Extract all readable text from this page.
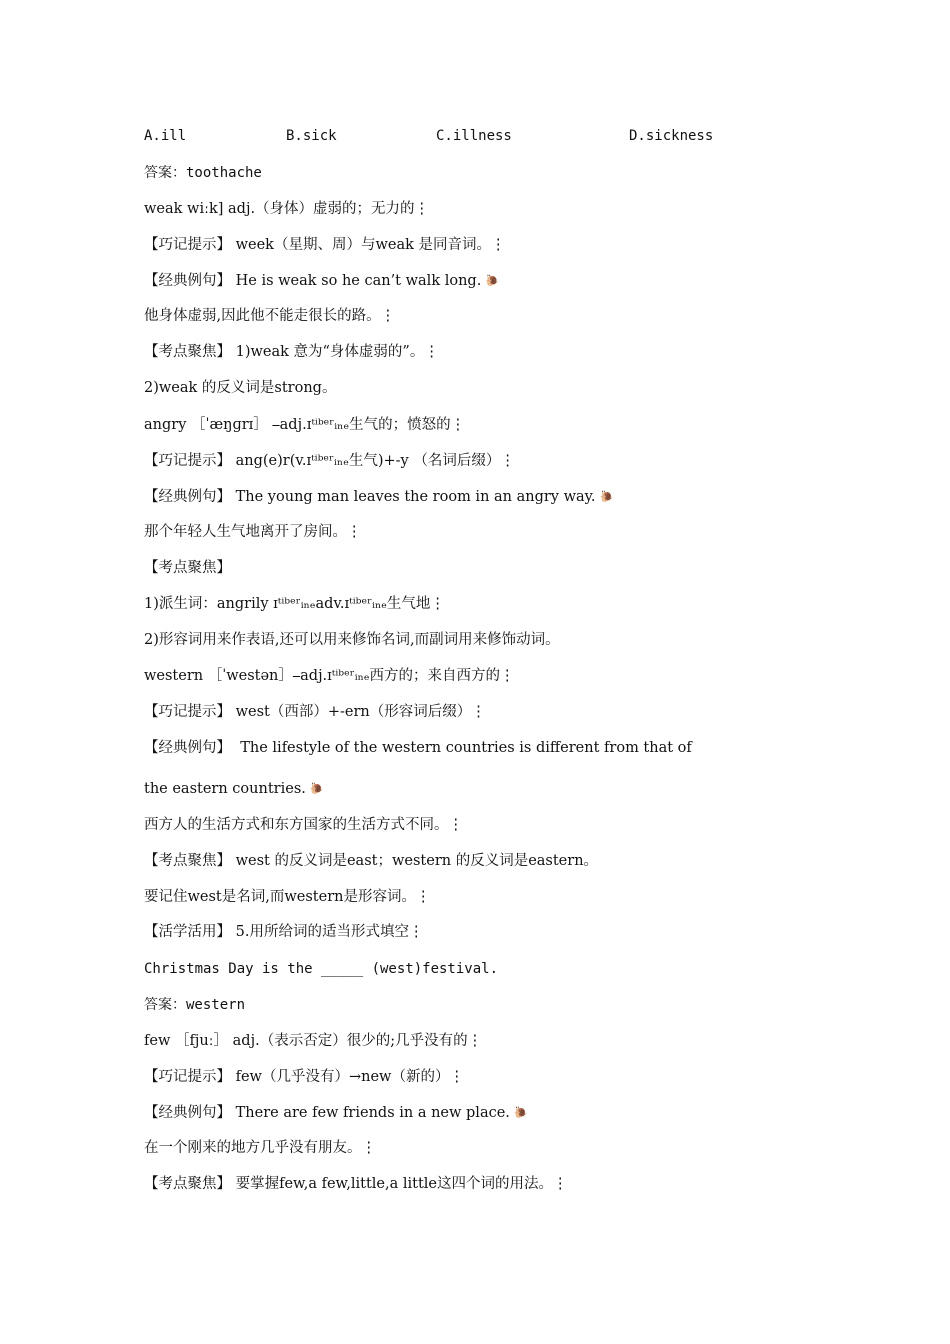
A.ill	B.sick	C.illness	D.sickness
答案：toothache
weak wiːk] adj.（身体）虚弱的；无力的⋮
【巧记提示】 week（星期、周）与weak 是同音词。⋮
【经典例句】 He is weak so he can’t walk long. 🐌
他身体虚弱,因此他不能走很长的路。⋮
【考点聚焦】 1)weak 意为“身体虚弱的”。⋮
2)weak 的反义词是strong。
angry ［ˈæŋɡrɪ］ ⎯adj.ɪᵗⁱᵇᵉʳᵢₙₑ生气的；愤怒的⋮
【巧记提示】 ang(e)r(v.ɪᵗⁱᵇᵉʳᵢₙₑ生气)+-y （名词后缀）⋮
【经典例句】 The young man leaves the room in an angry way. 🐌
那个年轻人生气地离开了房间。⋮
【考点聚焦】
1)派生词：angrily ɪᵗⁱᵇᵉʳᵢₙₑadv.ɪᵗⁱᵇᵉʳᵢₙₑ生气地⋮
2)形容词用来作表语,还可以用来修饰名词,而副词用来修饰动词。
western ［ˈwestən］⎯adj.ɪᵗⁱᵇᵉʳᵢₙₑ西方的；来自西方的⋮
【巧记提示】 west（西部）+-ern（形容词后缀）⋮
【经典例句】  The lifestyle of the western countries is different from that of
the eastern countries. 🐌
西方人的生活方式和东方国家的生活方式不同。⋮
【考点聚焦】 west 的反义词是east；western 的反义词是eastern。
要记住west是名词,而western是形容词。⋮
【活学活用】 5.用所给词的适当形式填空⋮
Christmas Day is the _____ (west)festival.
答案：western
few ［fjuː］ adj.（表示否定）很少的;几乎没有的⋮
【巧记提示】 few（几乎没有）→new（新的）⋮
【经典例句】 There are few friends in a new place. 🐌
在一个刚来的地方几乎没有朋友。⋮
【考点聚焦】 要掌握few,a few,little,a little这四个词的用法。⋮
